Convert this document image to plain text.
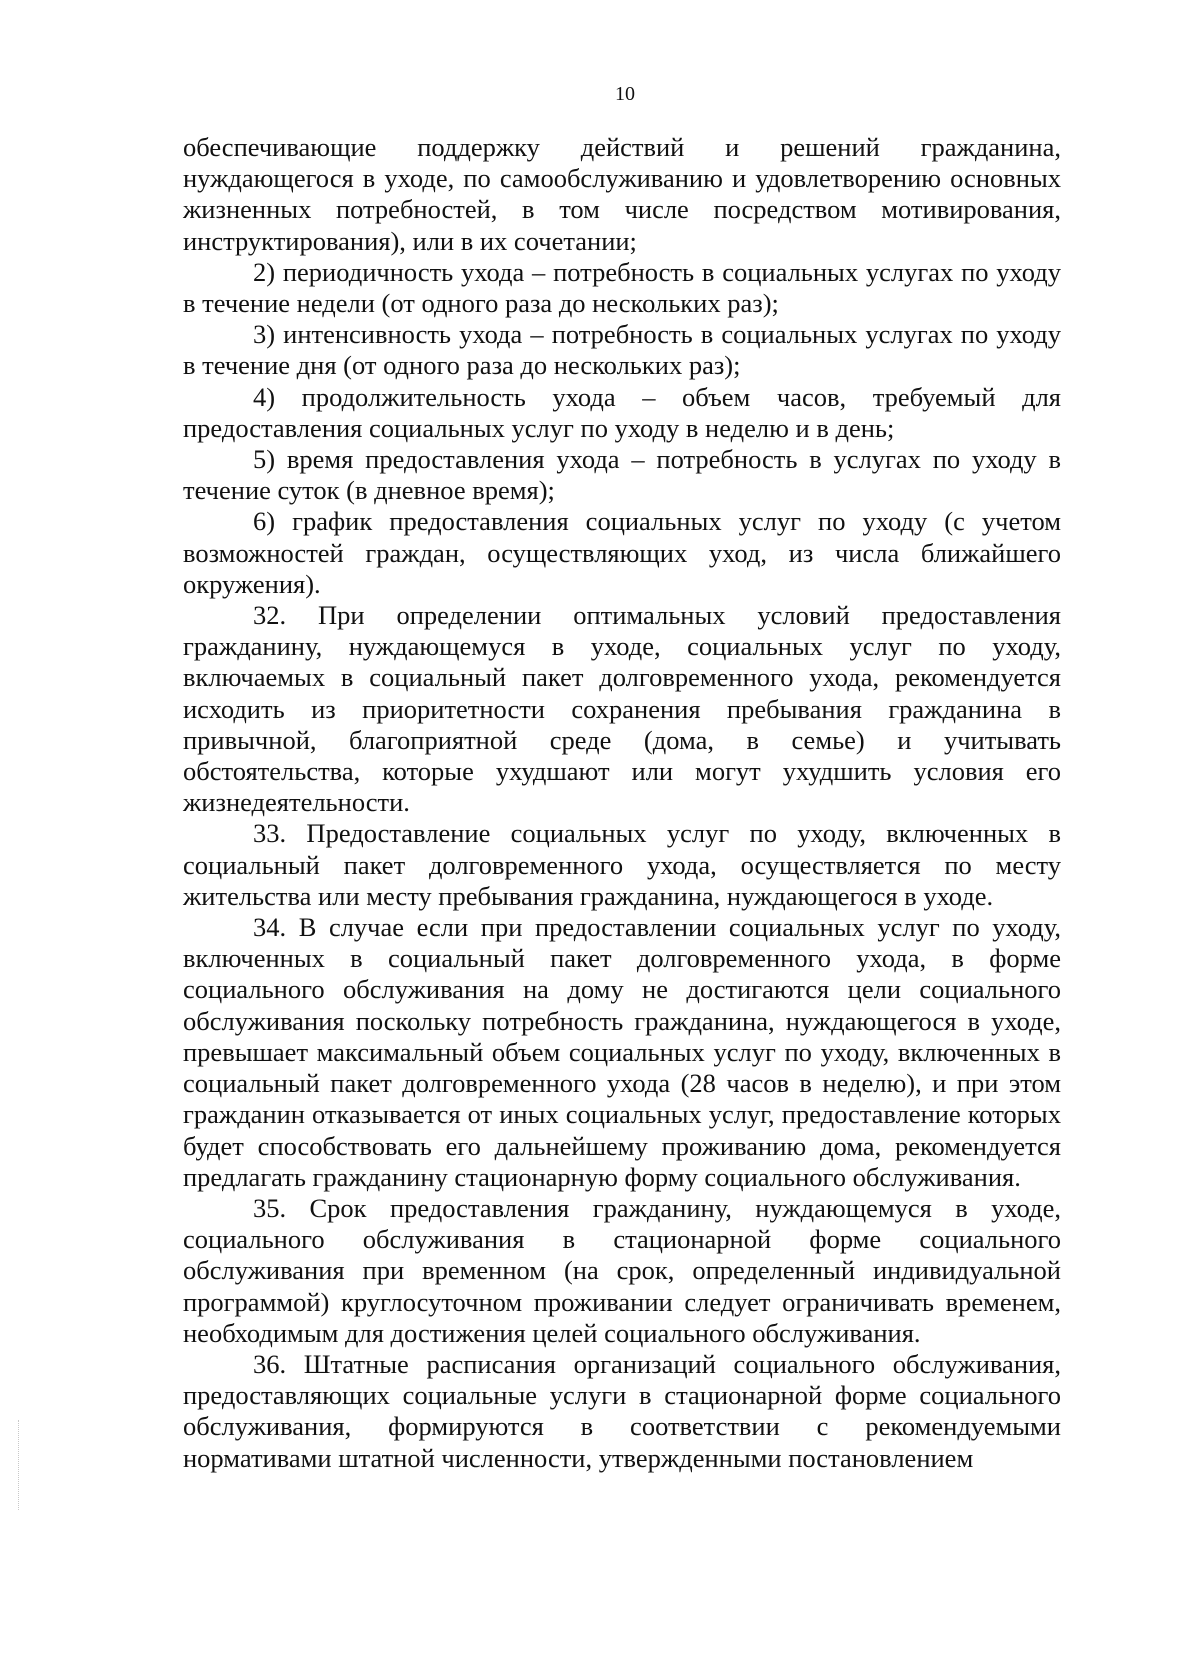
10

обеспечивающие поддержку действий и решений гражданина, нуждающегося в уходе, по самообслуживанию и удовлетворению основных жизненных потребностей, в том числе посредством мотивирования, инструктирования), или в их сочетании;

2) периодичность ухода – потребность в социальных услугах по уходу в течение недели (от одного раза до нескольких раз);

3) интенсивность ухода – потребность в социальных услугах по уходу в течение дня (от одного раза до нескольких раз);

4) продолжительность ухода – объем часов, требуемый для предоставления социальных услуг по уходу в неделю и в день;

5) время предоставления ухода – потребность в услугах по уходу в течение суток (в дневное время);

6) график предоставления социальных услуг по уходу (с учетом возможностей граждан, осуществляющих уход, из числа ближайшего окружения).

32. При определении оптимальных условий предоставления гражданину, нуждающемуся в уходе, социальных услуг по уходу, включаемых в социальный пакет долговременного ухода, рекомендуется исходить из приоритетности сохранения пребывания гражданина в привычной, благоприятной среде (дома, в семье) и учитывать обстоятельства, которые ухудшают или могут ухудшить условия его жизнедеятельности.

33. Предоставление социальных услуг по уходу, включенных в социальный пакет долговременного ухода, осуществляется по месту жительства или месту пребывания гражданина, нуждающегося в уходе.

34. В случае если при предоставлении социальных услуг по уходу, включенных в социальный пакет долговременного ухода, в форме социального обслуживания на дому не достигаются цели социального обслуживания поскольку потребность гражданина, нуждающегося в уходе, превышает максимальный объем социальных услуг по уходу, включенных в социальный пакет долговременного ухода (28 часов в неделю), и при этом гражданин отказывается от иных социальных услуг, предоставление которых будет способствовать его дальнейшему проживанию дома, рекомендуется предлагать гражданину стационарную форму социального обслуживания.

35. Срок предоставления гражданину, нуждающемуся в уходе, социального обслуживания в стационарной форме социального обслуживания при временном (на срок, определенный индивидуальной программой) круглосуточном проживании следует ограничивать временем, необходимым для достижения целей социального обслуживания.

36. Штатные расписания организаций социального обслуживания, предоставляющих социальные услуги в стационарной форме социального обслуживания, формируются в соответствии с рекомендуемыми нормативами штатной численности, утвержденными постановлением
